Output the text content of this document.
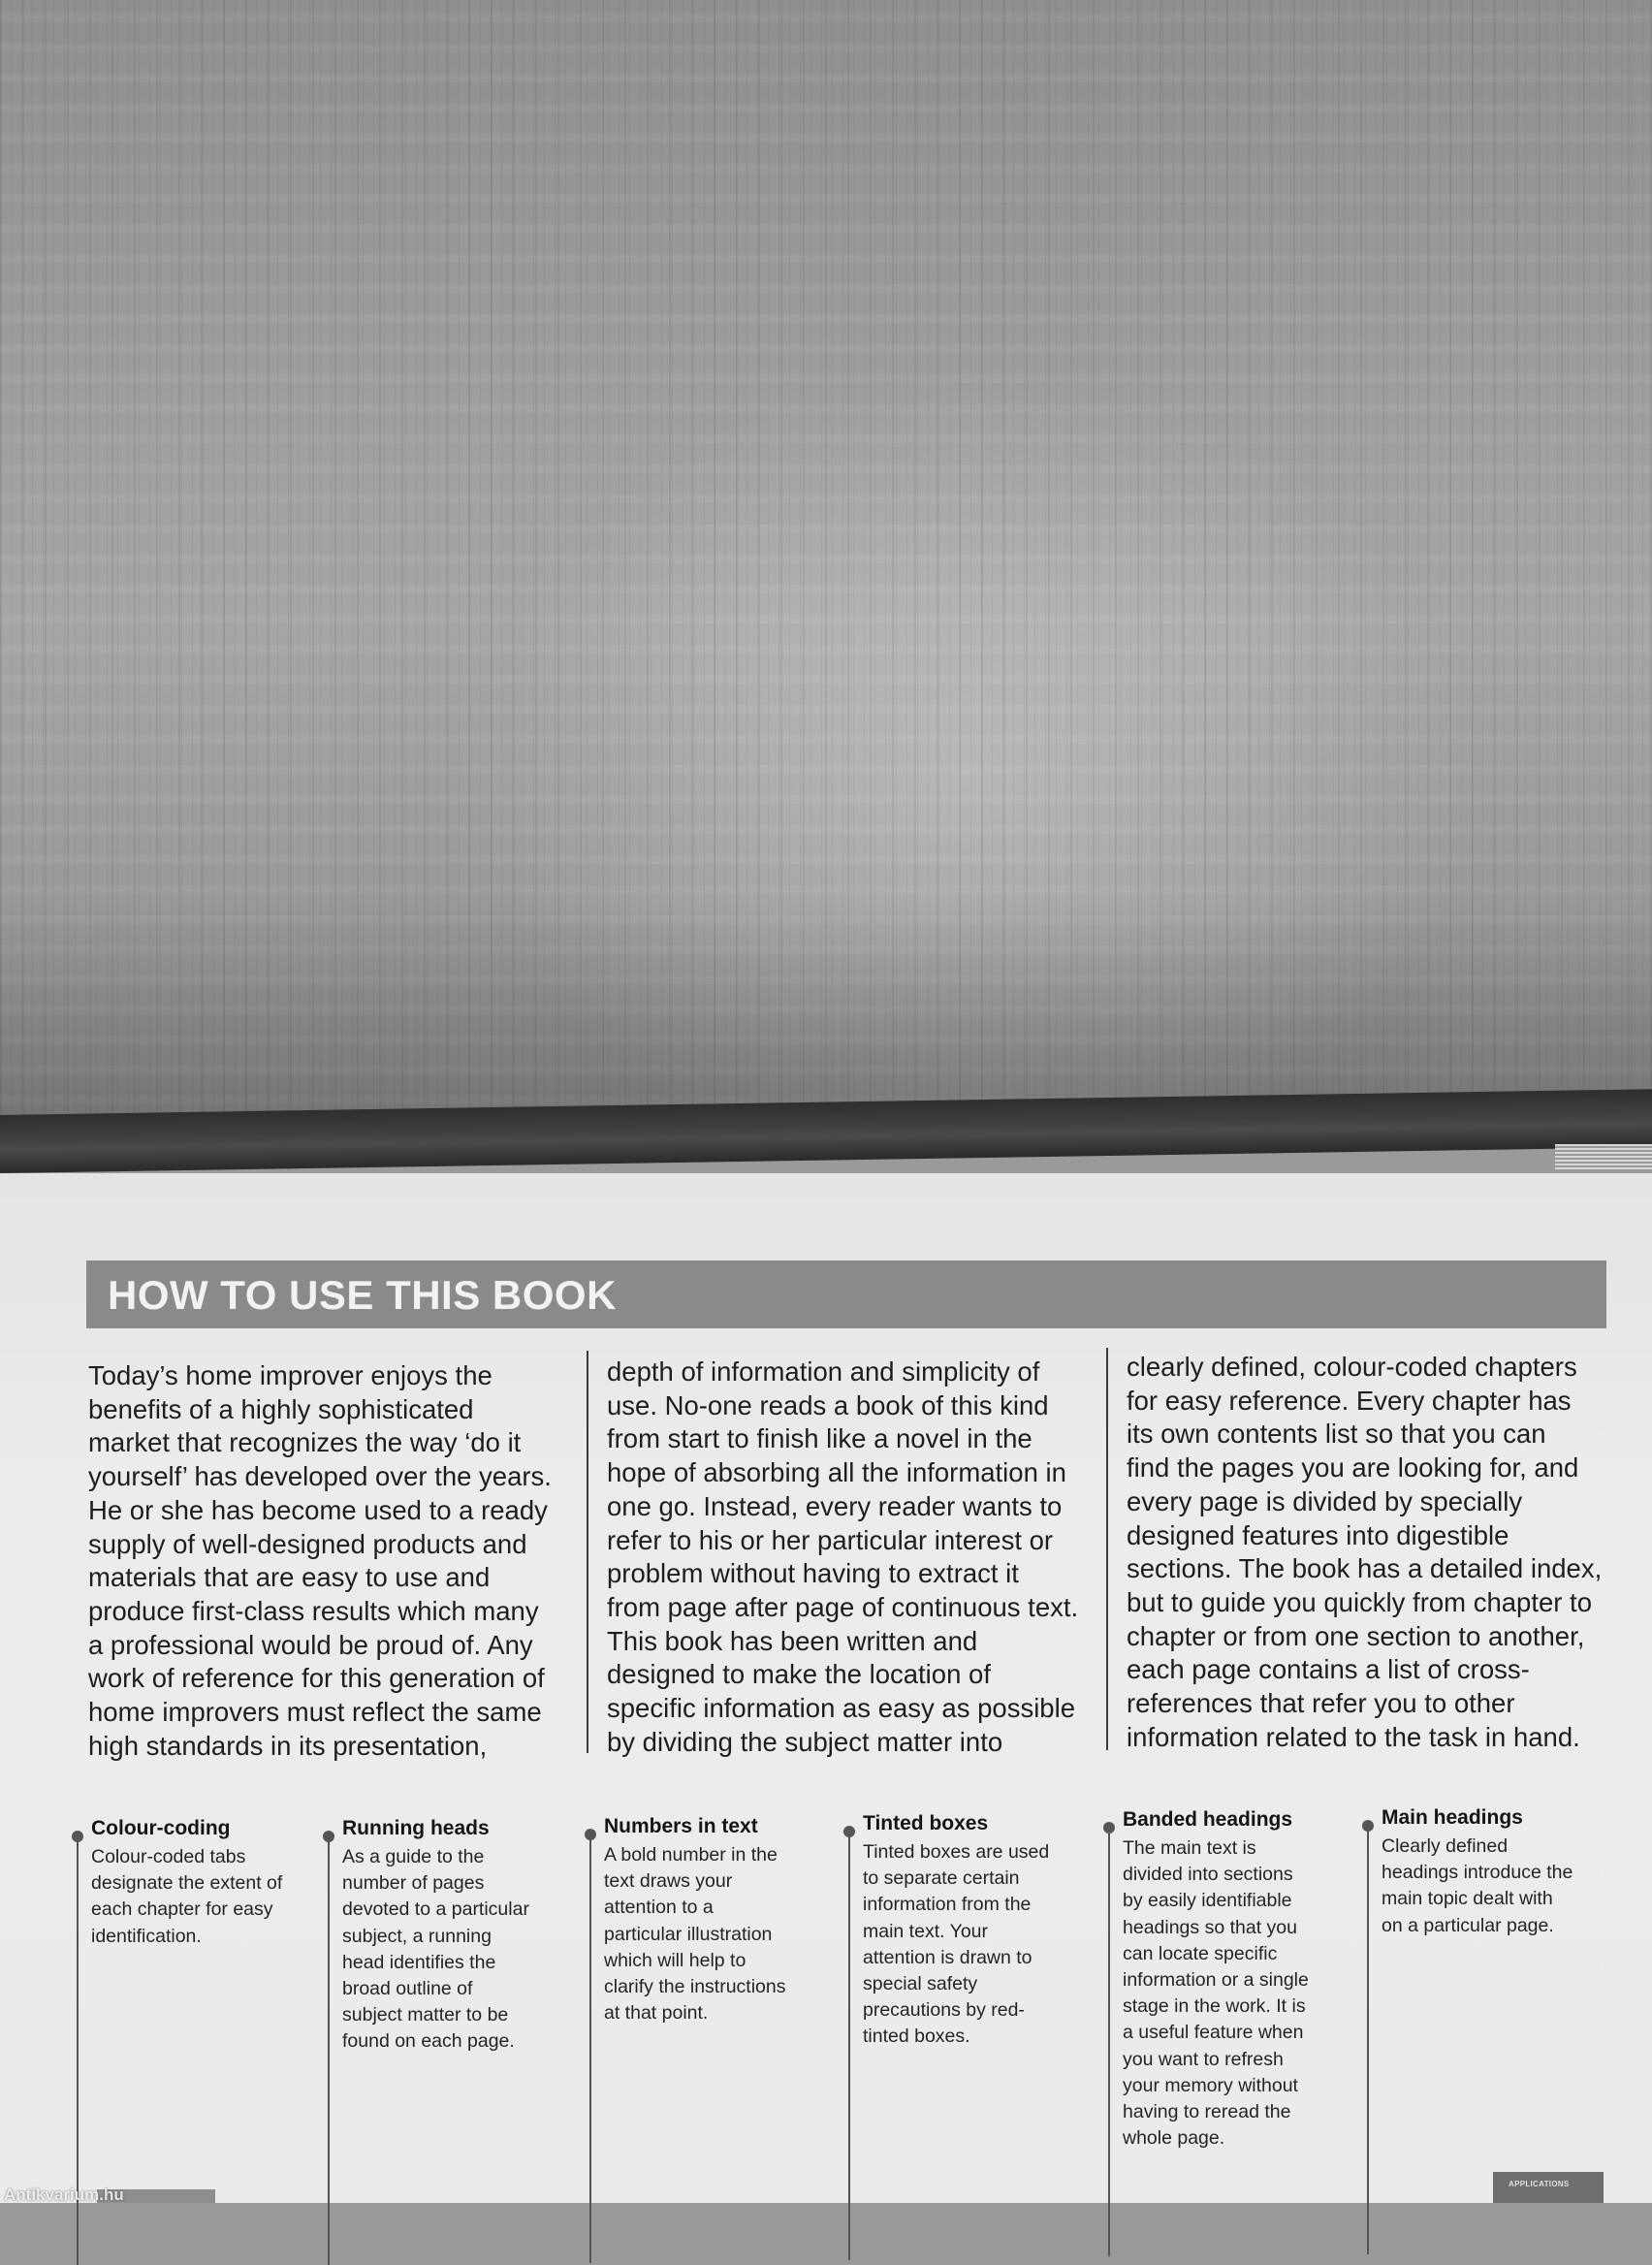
HOW TO USE THIS BOOK
Today’s home improver enjoys the
benefits of a highly sophisticated
market that recognizes the way ‘do it
yourself’ has developed over the years.
He or she has become used to a ready
supply of well-designed products and
materials that are easy to use and
produce first-class results which many
a professional would be proud of. Any
work of reference for this generation of
home improvers must reflect the same
high standards in its presentation,
depth of information and simplicity of
use. No-one reads a book of this kind
from start to finish like a novel in the
hope of absorbing all the information in
one go. Instead, every reader wants to
refer to his or her particular interest or
problem without having to extract it
from page after page of continuous text.
This book has been written and
designed to make the location of
specific information as easy as possible
by dividing the subject matter into
clearly defined, colour-coded chapters
for easy reference. Every chapter has
its own contents list so that you can
find the pages you are looking for, and
every page is divided by specially
designed features into digestible
sections. The book has a detailed index,
but to guide you quickly from chapter to
chapter or from one section to another,
each page contains a list of cross-
references that refer you to other
information related to the task in hand.
Colour-coding
Colour-coded tabs
designate the extent of
each chapter for easy
identification.
Running heads
As a guide to the
number of pages
devoted to a particular
subject, a running
head identifies the
broad outline of
subject matter to be
found on each page.
Numbers in text
A bold number in the
text draws your
attention to a
particular illustration
which will help to
clarify the instructions
at that point.
Tinted boxes
Tinted boxes are used
to separate certain
information from the
main text. Your
attention is drawn to
special safety
precautions by red-
tinted boxes.
Banded headings
The main text is
divided into sections
by easily identifiable
headings so that you
can locate specific
information or a single
stage in the work. It is
a useful feature when
you want to refresh
your memory without
having to reread the
whole page.
Main headings
Clearly defined
headings introduce the
main topic dealt with
on a particular page.
APPLICATIONS
Antikvarium.hu
